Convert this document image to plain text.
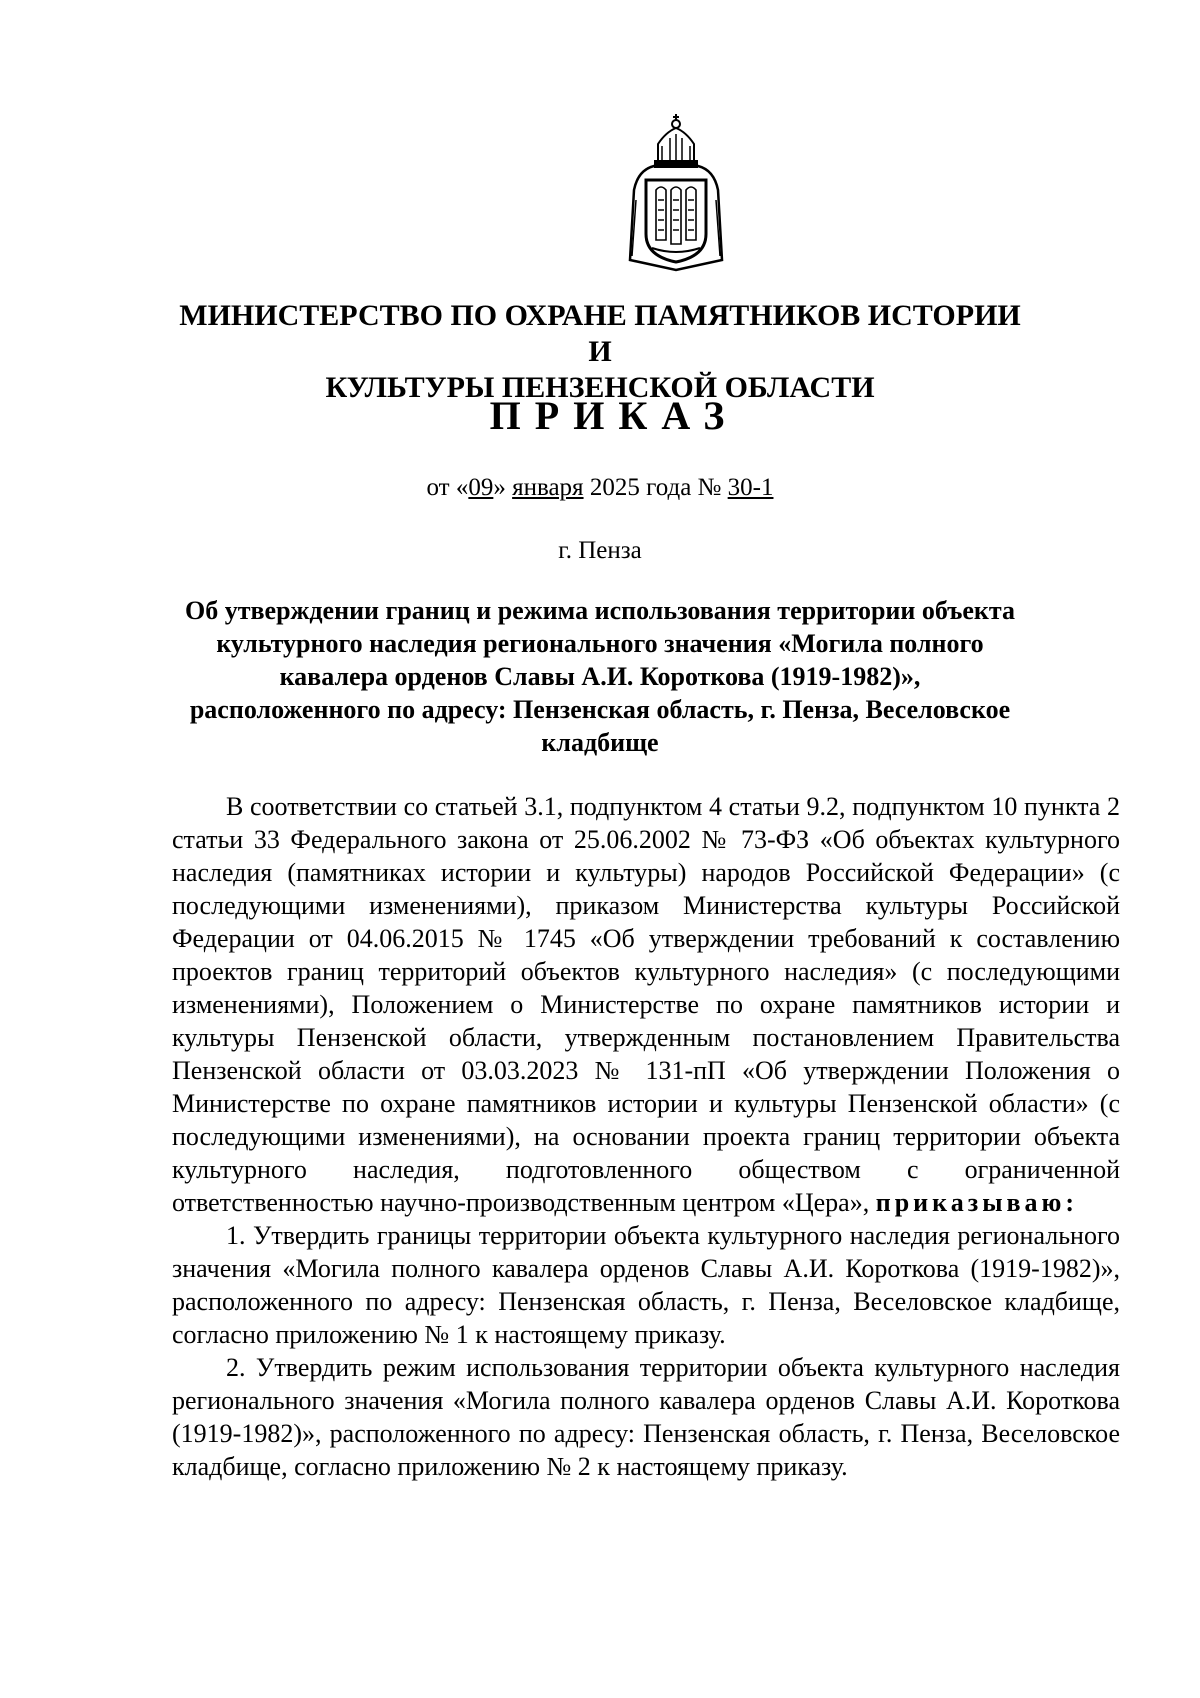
МИНИСТЕРСТВО ПО ОХРАНЕ ПАМЯТНИКОВ ИСТОРИИ И
КУЛЬТУРЫ ПЕНЗЕНСКОЙ ОБЛАСТИ
ПРИКАЗ
от «09» января 2025 года № 30-1
г. Пенза
Об утверждении границ и режима использования территории объекта
культурного наследия регионального значения «Могила полного
кавалера орденов Славы А.И. Короткова (1919-1982)»,
расположенного по адресу: Пензенская область, г. Пенза, Веселовское
кладбище

В соответствии со статьей 3.1, подпунктом 4 статьи 9.2, подпунктом 10 пункта 2 статьи 33 Федерального закона от 25.06.2002 № 73-ФЗ «Об объектах культурного наследия (памятниках истории и культуры) народов Российской Федерации» (с последующими изменениями), приказом Министерства культуры Российской Федерации от 04.06.2015 № 1745 «Об утверждении требований к составлению проектов границ территорий объектов культурного наследия» (с последующими изменениями), Положением о Министерстве по охране памятников истории и культуры Пензенской области, утвержденным постановлением Правительства Пензенской области от 03.03.2023 № 131-пП «Об утверждении Положения о Министерстве по охране памятников истории и культуры Пензенской области» (с последующими изменениями), на основании проекта границ территории объекта культурного наследия, подготовленного обществом с ограниченной ответственностью научно-производственным центром «Цера», приказываю:

1. Утвердить границы территории объекта культурного наследия регионального значения «Могила полного кавалера орденов Славы А.И. Короткова (1919-1982)», расположенного по адресу: Пензенская область, г. Пенза, Веселовское кладбище, согласно приложению № 1 к настоящему приказу.

2. Утвердить режим использования территории объекта культурного наследия регионального значения «Могила полного кавалера орденов Славы А.И. Короткова (1919-1982)», расположенного по адресу: Пензенская область, г. Пенза, Веселовское кладбище, согласно приложению № 2 к настоящему приказу.
